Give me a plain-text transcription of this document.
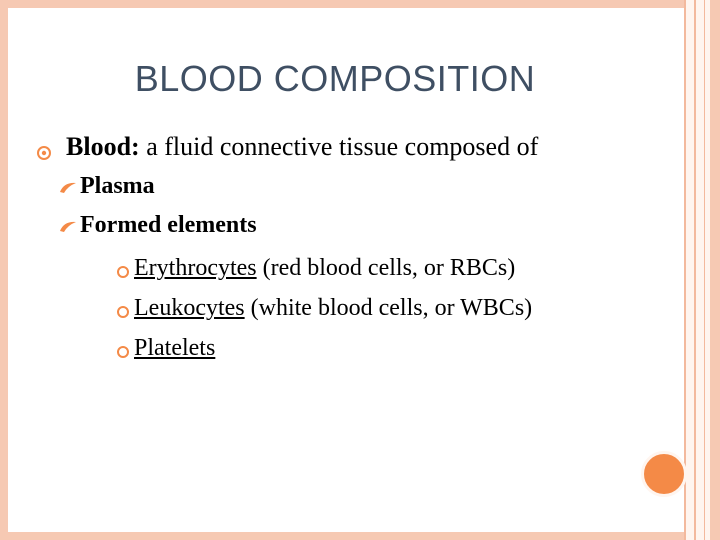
BLOOD COMPOSITION
Blood: a fluid connective tissue composed of
Plasma
Formed elements
Erythrocytes (red blood cells, or RBCs)
Leukocytes (white blood cells, or WBCs)
Platelets
